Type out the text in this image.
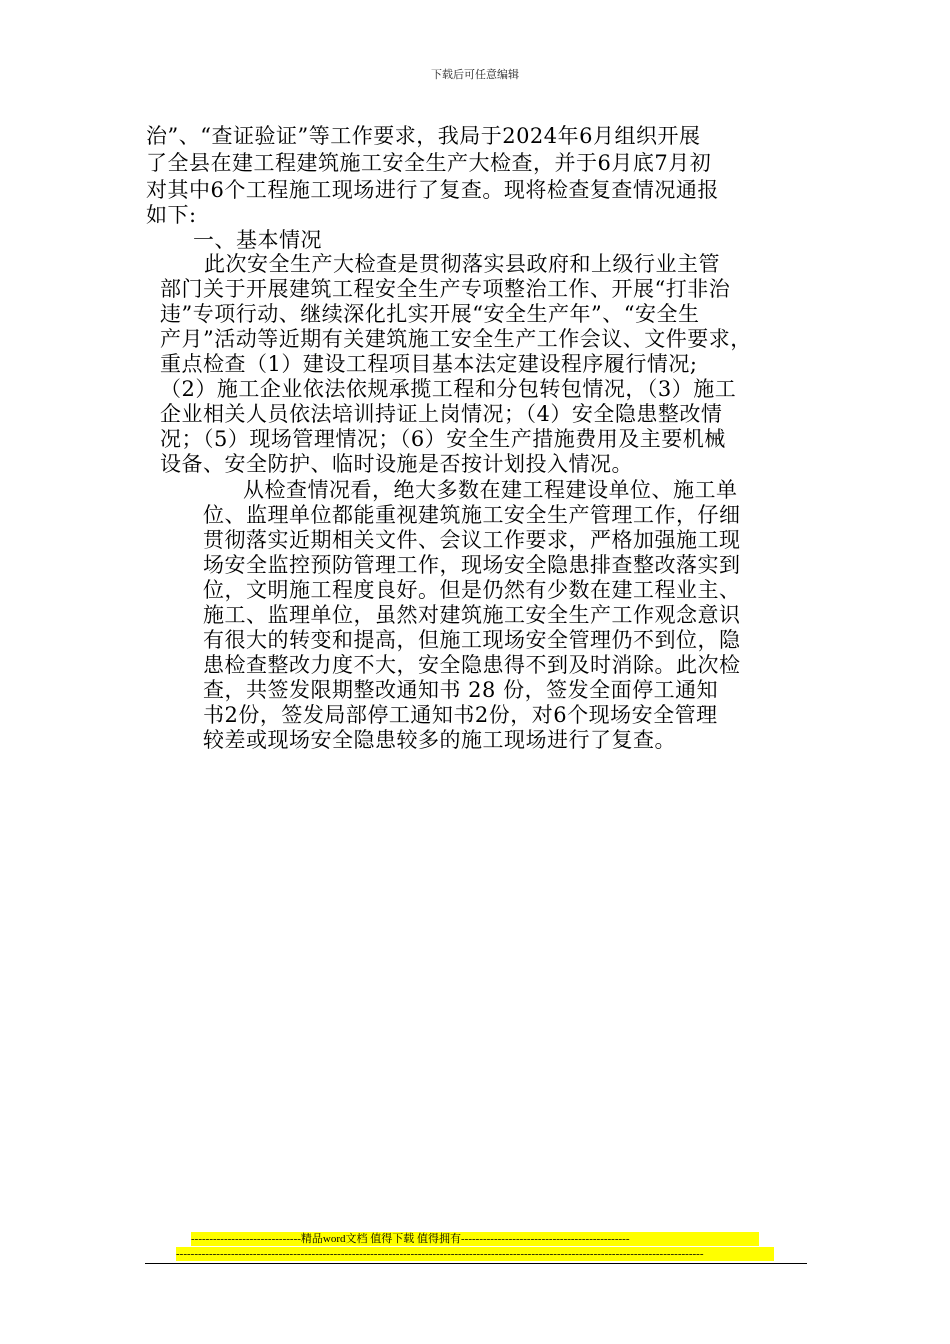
下载后可任意编辑
治”、“查证验证”等工作要求，我局于2024年6月组织开展
了全县在建工程建筑施工安全生产大检查，并于6月底7月初
对其中6个工程施工现场进行了复查。现将检查复查情况通报
如下:
一、基本情况
此次安全生产大检查是贯彻落实县政府和上级行业主管
部门关于开展建筑工程安全生产专项整治工作、开展“打非治
违”专项行动、继续深化扎实开展“安全生产年”、“安全生
产月”活动等近期有关建筑施工安全生产工作会议、文件要求，
重点检查（1）建设工程项目基本法定建设程序履行情况;
（2）施工企业依法依规承揽工程和分包转包情况，（3）施工
企业相关人员依法培训持证上岗情况；（4）安全隐患整改情
况；（5）现场管理情况；（6）安全生产措施费用及主要机械
设备、安全防护、临时设施是否按计划投入情况。
从检查情况看，绝大多数在建工程建设单位、施工单
位、监理单位都能重视建筑施工安全生产管理工作，仔细
贯彻落实近期相关文件、会议工作要求，严格加强施工现
场安全监控预防管理工作，现场安全隐患排查整改落实到
位，文明施工程度良好。但是仍然有少数在建工程业主、
施工、监理单位，虽然对建筑施工安全生产工作观念意识
有很大的转变和提高，但施工现场安全管理仍不到位，隐
患检查整改力度不大，安全隐患得不到及时消除。此次检
查，共签发限期整改通知书 28 份，签发全面停工通知
书2份，签发局部停工通知书2份，对6个现场安全管理
较差或现场安全隐患较多的施工现场进行了复查。
------------------------------精品word文档 值得下载 值得拥有----------------------------------------------
------------------------------------------------------------------------------------------------------------------------------------------------
